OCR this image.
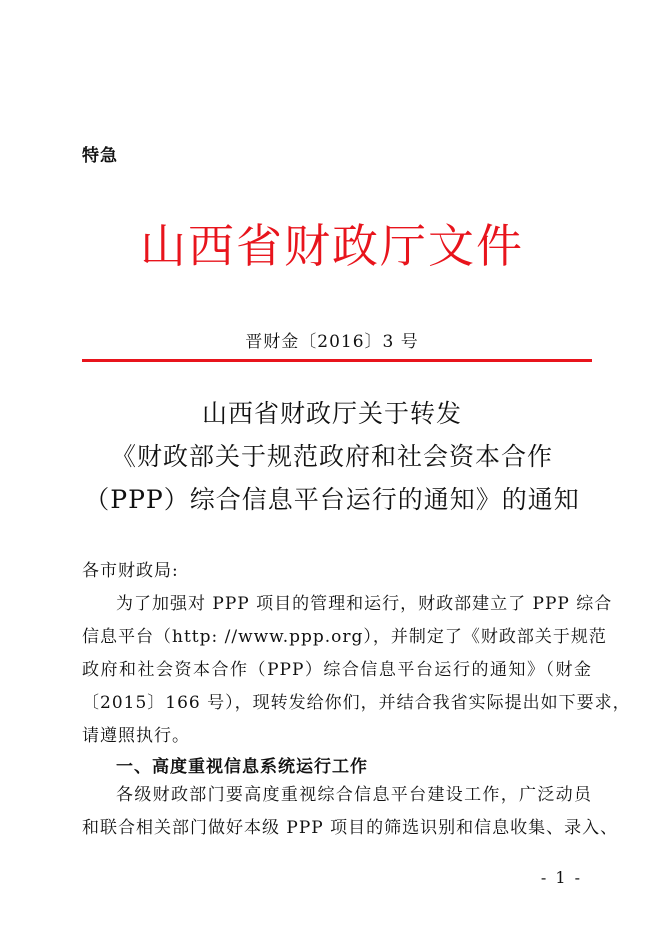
特急
山西省财政厅文件
晋财金〔2016〕3 号
山西省财政厅关于转发
《财政部关于规范政府和社会资本合作
（PPP）综合信息平台运行的通知》的通知
各市财政局:
为了加强对 PPP 项目的管理和运行，财政部建立了 PPP 综合
信息平台（http: //www.ppp.org），并制定了《财政部关于规范
政府和社会资本合作（PPP）综合信息平台运行的通知》（财金
〔2015〕166 号），现转发给你们，并结合我省实际提出如下要求，
请遵照执行。
一、高度重视信息系统运行工作
各级财政部门要高度重视综合信息平台建设工作，广泛动员
和联合相关部门做好本级 PPP 项目的筛选识别和信息收集、录入、
- 1 -
